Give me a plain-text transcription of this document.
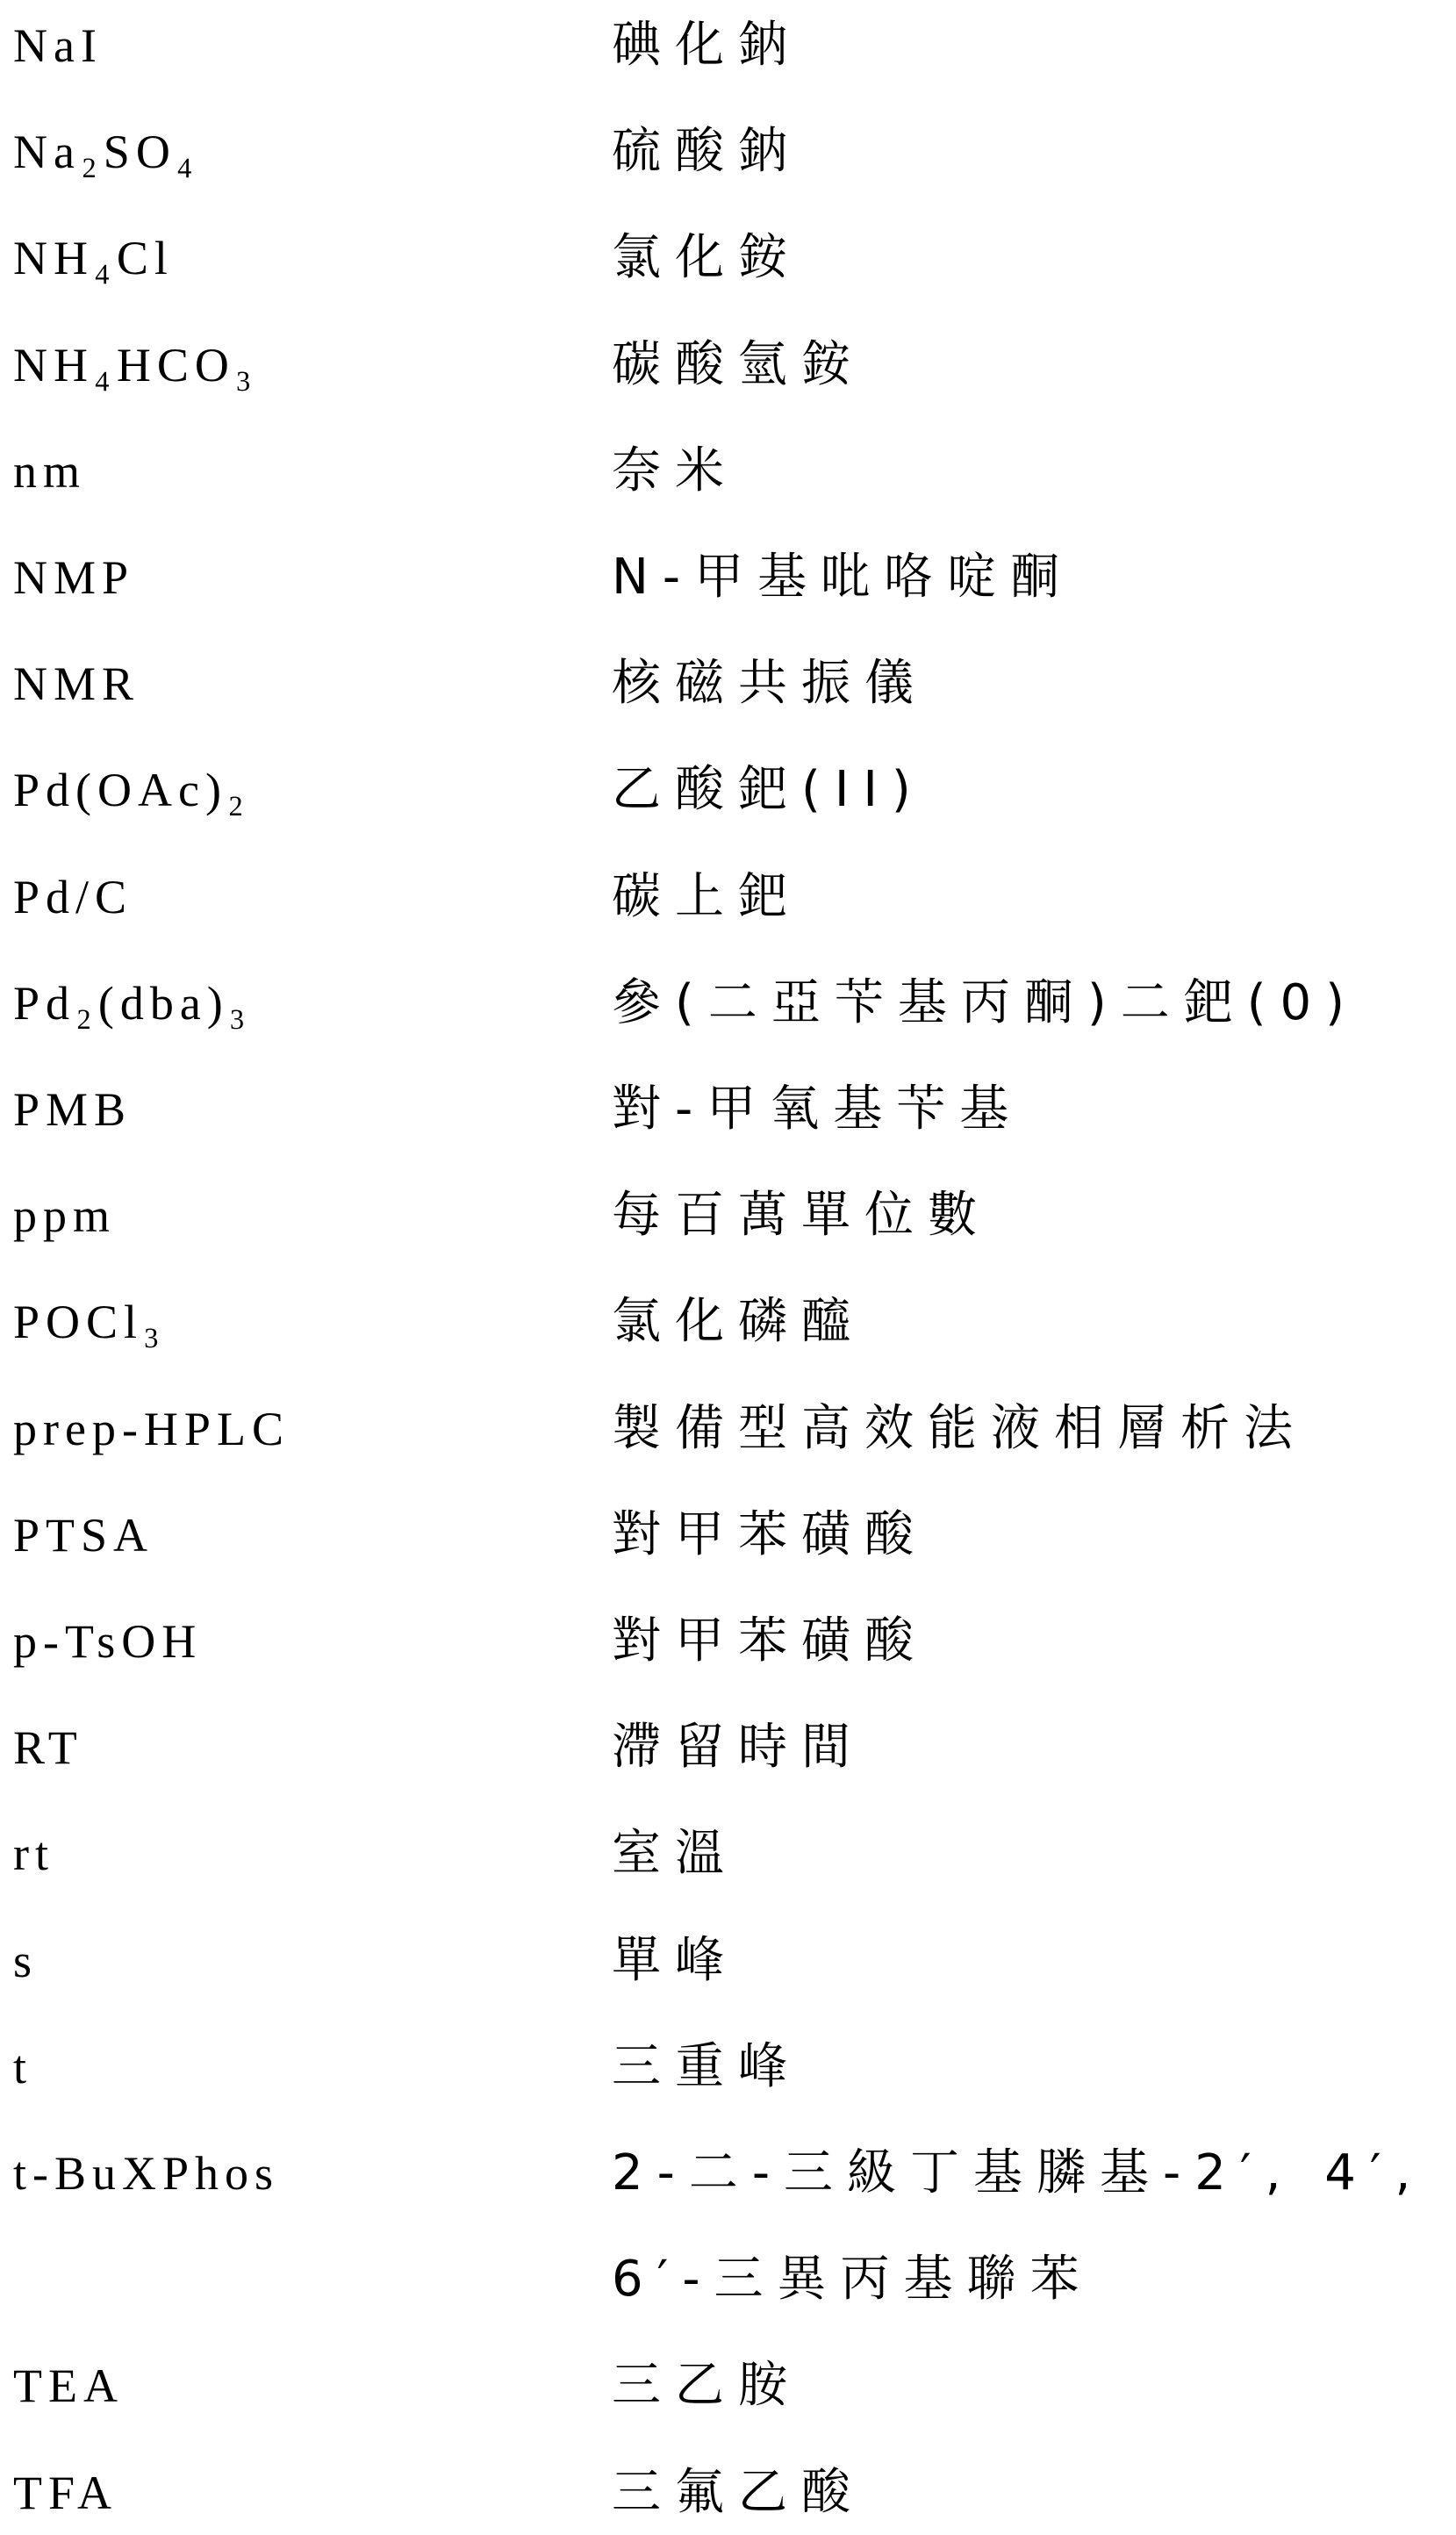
NaI	碘化鈉
Na₂SO₄	硫酸鈉
NH₄Cl	氯化銨
NH₄HCO₃	碳酸氫銨
nm	奈米
NMP	N-甲基吡咯啶酮
NMR	核磁共振儀
Pd(OAc)₂	乙酸鈀(II)
Pd/C	碳上鈀
Pd₂(dba)₃	參(二亞苄基丙酮)二鈀(0)
PMB	對-甲氧基苄基
ppm	每百萬單位數
POCl₃	氯化磷醯
prep-HPLC	製備型高效能液相層析法
PTSA	對甲苯磺酸
p-TsOH	對甲苯磺酸
RT	滯留時間
rt	室溫
s	單峰
t	三重峰
t-BuXPhos	2-二-三級丁基膦基-2′, 4′,
6′-三異丙基聯苯
TEA	三乙胺
TFA	三氟乙酸
